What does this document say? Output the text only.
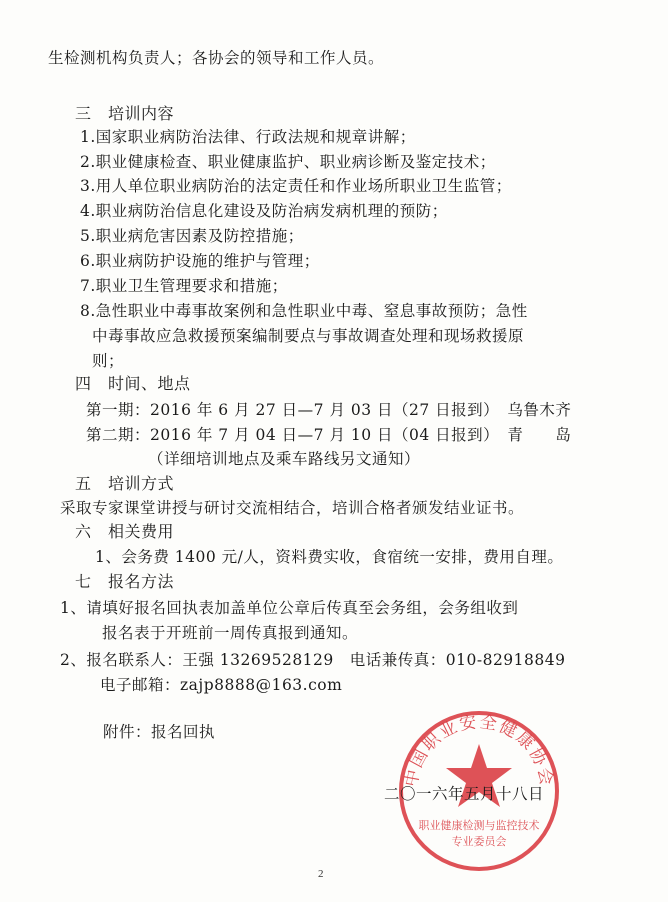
生检测机构负责人；各协会的领导和工作人员。
三　培训内容
1.国家职业病防治法律、行政法规和规章讲解；
2.职业健康检查、职业健康监护、职业病诊断及鉴定技术；
3.用人单位职业病防治的法定责任和作业场所职业卫生监管；
4.职业病防治信息化建设及防治病发病机理的预防；
5.职业病危害因素及防控措施；
6.职业病防护设施的维护与管理；
7.职业卫生管理要求和措施；
8.急性职业中毒事故案例和急性职业中毒、窒息事故预防；急性
中毒事故应急救援预案编制要点与事故调查处理和现场救援原
则；
四　时间、地点
第一期：2016 年 6 月 27 日—7 月 03 日（27 日报到）　乌鲁木齐
第二期：2016 年 7 月 04 日—7 月 10 日（04 日报到）　青　　岛
（详细培训地点及乘车路线另文通知）
五　培训方式
采取专家课堂讲授与研讨交流相结合，培训合格者颁发结业证书。
六　相关费用
1、会务费 1400 元/人，资料费实收，食宿统一安排，费用自理。
七　报名方法
1、请填好报名回执表加盖单位公章后传真至会务组，会务组收到
报名表于开班前一周传真报到通知。
2、报名联系人：王强 13269528129　电话兼传真：010-82918849
电子邮箱：zajp8888@163.com
附件：报名回执
中国职业安全健康协会
职业健康检测与监控技术
专业委员会
二〇一六年五月十八日
2
